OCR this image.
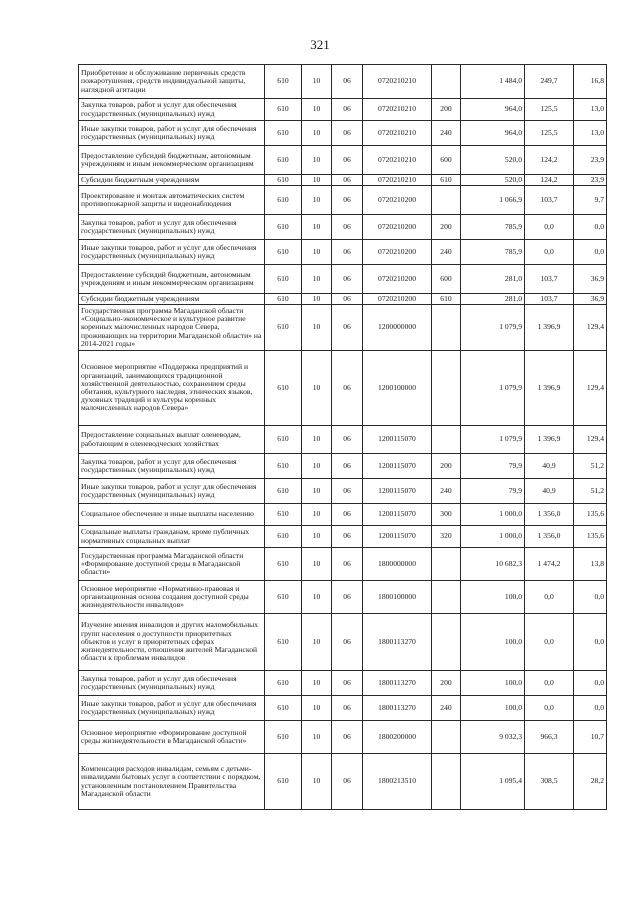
321
Приобретение и обслуживание первичных средств пожаротушения, средств индивидуальной защиты, наглядной агитации	610	10	06	0720210210		1 484,0	249,7	16,8
Закупка товаров, работ и услуг для обеспечения государственных (муниципальных) нужд	610	10	06	0720210210	200	964,0	125,5	13,0
Иные закупки товаров, работ и услуг для обеспечения государственных (муниципальных) нужд	610	10	06	0720210210	240	964,0	125,5	13,0
Предоставление субсидий бюджетным, автономным учреждениям и иным некоммерческим организациям	610	10	06	0720210210	600	520,0	124,2	23,9
Субсидии бюджетным учреждениям	610	10	06	0720210210	610	520,0	124,2	23,9
Проектирование и монтаж автоматических систем противопожарной защиты и видеонаблюдения	610	10	06	0720210200		1 066,9	103,7	9,7
Закупка товаров, работ и услуг для обеспечения государственных (муниципальных) нужд	610	10	06	0720210200	200	785,9	0,0	0,0
Иные закупки товаров, работ и услуг для обеспечения государственных (муниципальных) нужд	610	10	06	0720210200	240	785,9	0,0	0,0
Предоставление субсидий бюджетным, автономным учреждениям и иным некоммерческим организациям	610	10	06	0720210200	600	281,0	103,7	36,9
Субсидии бюджетным учреждениям	610	10	06	0720210200	610	281,0	103,7	36,9
Государственная программа Магаданской области «Социально-экономическое и культурное развитие коренных малочисленных народов Севера, проживающих на территории Магаданской области» на 2014-2021 годы»	610	10	06	1200000000		1 079,9	1 396,9	129,4
Основное мероприятие «Поддержка предприятий и организаций, занимающихся традиционной хозяйственной деятельностью, сохранением среды обитания, культурного наследия, этнических языков, духовных традиций и культуры коренных малочисленных народов Севера»	610	10	06	1200100000		1 079,9	1 396,9	129,4
Предоставление социальных выплат оленеводам, работающим в оленеводческих хозяйствах	610	10	06	1200115070		1 079,9	1 396,9	129,4
Закупка товаров, работ и услуг для обеспечения государственных (муниципальных) нужд	610	10	06	1200115070	200	79,9	40,9	51,2
Иные закупки товаров, работ и услуг для обеспечения государственных (муниципальных) нужд	610	10	06	1200115070	240	79,9	40,9	51,2
Социальное обеспечение и иные выплаты населению	610	10	06	1200115070	300	1 000,0	1 356,0	135,6
Социальные выплаты гражданам, кроме публичных нормативных социальных выплат	610	10	06	1200115070	320	1 000,0	1 356,0	135,6
Государственная программа Магаданской области «Формирование доступной среды в Магаданской области»	610	10	06	1800000000		10 682,3	1 474,2	13,8
Основное мероприятие «Нормативно-правовая и организационная основа создания доступной среды жизнедеятельности инвалидов»	610	10	06	1800100000		100,0	0,0	0,0
Изучение мнения инвалидов и других маломобильных групп населения о доступности приоритетных объектов и услуг в приоритетных сферах жизнедеятельности, отношения жителей Магаданской области к проблемам инвалидов	610	10	06	1800113270		100,0	0,0	0,0
Закупка товаров, работ и услуг для обеспечения государственных (муниципальных) нужд	610	10	06	1800113270	200	100,0	0,0	0,0
Иные закупки товаров, работ и услуг для обеспечения государственных (муниципальных) нужд	610	10	06	1800113270	240	100,0	0,0	0,0
Основное мероприятие «Формирование доступной среды жизнедеятельности в Магаданской области»	610	10	06	1800200000		9 032,3	966,3	10,7
Компенсация расходов инвалидам, семьям с детьми-инвалидами бытовых услуг в соответствии с порядком, установленным постановлением Правительства Магаданской области	610	10	06	1800213510		1 095,4	308,5	28,2
